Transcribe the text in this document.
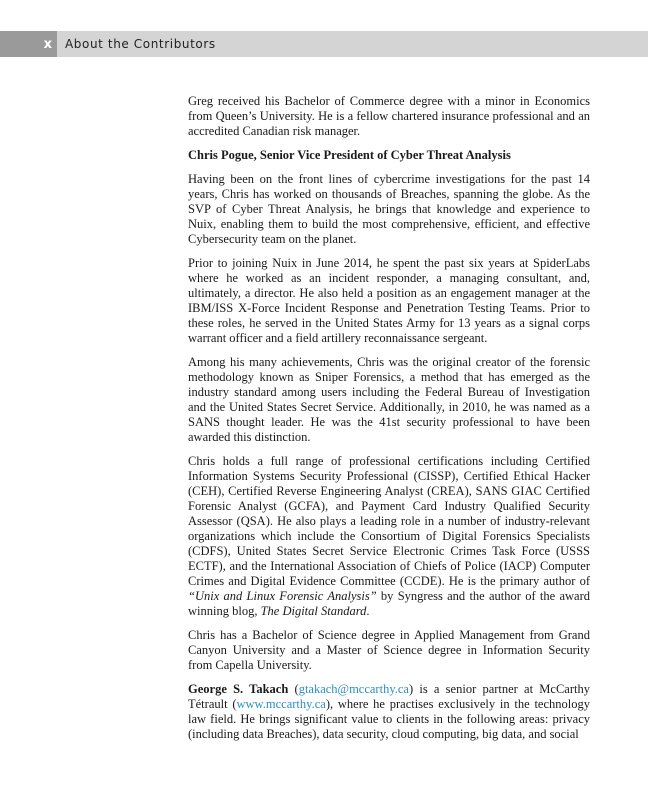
x	About the Contributors

Greg received his Bachelor of Commerce degree with a minor in Economics from Queen’s University. He is a fellow chartered insurance professional and an accredited Canadian risk manager.

Chris Pogue, Senior Vice President of Cyber Threat Analysis

Having been on the front lines of cybercrime investigations for the past 14 years, Chris has worked on thousands of Breaches, spanning the globe. As the SVP of Cyber Threat Analysis, he brings that knowledge and experience to Nuix, enabling them to build the most comprehensive, efficient, and effective Cybersecurity team on the planet.

Prior to joining Nuix in June 2014, he spent the past six years at SpiderLabs where he worked as an incident responder, a managing consultant, and, ultimately, a director. He also held a position as an engagement manager at the IBM/ISS X-Force Incident Response and Penetration Testing Teams. Prior to these roles, he served in the United States Army for 13 years as a signal corps warrant officer and a field artillery reconnaissance sergeant.

Among his many achievements, Chris was the original creator of the forensic methodology known as Sniper Forensics, a method that has emerged as the industry standard among users including the Federal Bureau of Investigation and the United States Secret Service. Additionally, in 2010, he was named as a SANS thought leader. He was the 41st security professional to have been awarded this distinction.

Chris holds a full range of professional certifications including Certified Information Systems Security Professional (CISSP), Certified Ethical Hacker (CEH), Certified Reverse Engineering Analyst (CREA), SANS GIAC Certified Forensic Analyst (GCFA), and Payment Card Industry Qualified Security Assessor (QSA). He also plays a leading role in a number of industry-relevant organizations which include the Consortium of Digital Forensics Specialists (CDFS), United States Secret Service Electronic Crimes Task Force (USSS ECTF), and the International Association of Chiefs of Police (IACP) Computer Crimes and Digital Evidence Committee (CCDE). He is the primary author of “Unix and Linux Forensic Analysis” by Syngress and the author of the award winning blog, The Digital Standard.

Chris has a Bachelor of Science degree in Applied Management from Grand Canyon University and a Master of Science degree in Information Security from Capella University.

George S. Takach (gtakach@mccarthy.ca) is a senior partner at McCarthy Tétrault (www.mccarthy.ca), where he practises exclusively in the technology law field. He brings significant value to clients in the following areas: privacy (including data Breaches), data security, cloud computing, big data, and social
